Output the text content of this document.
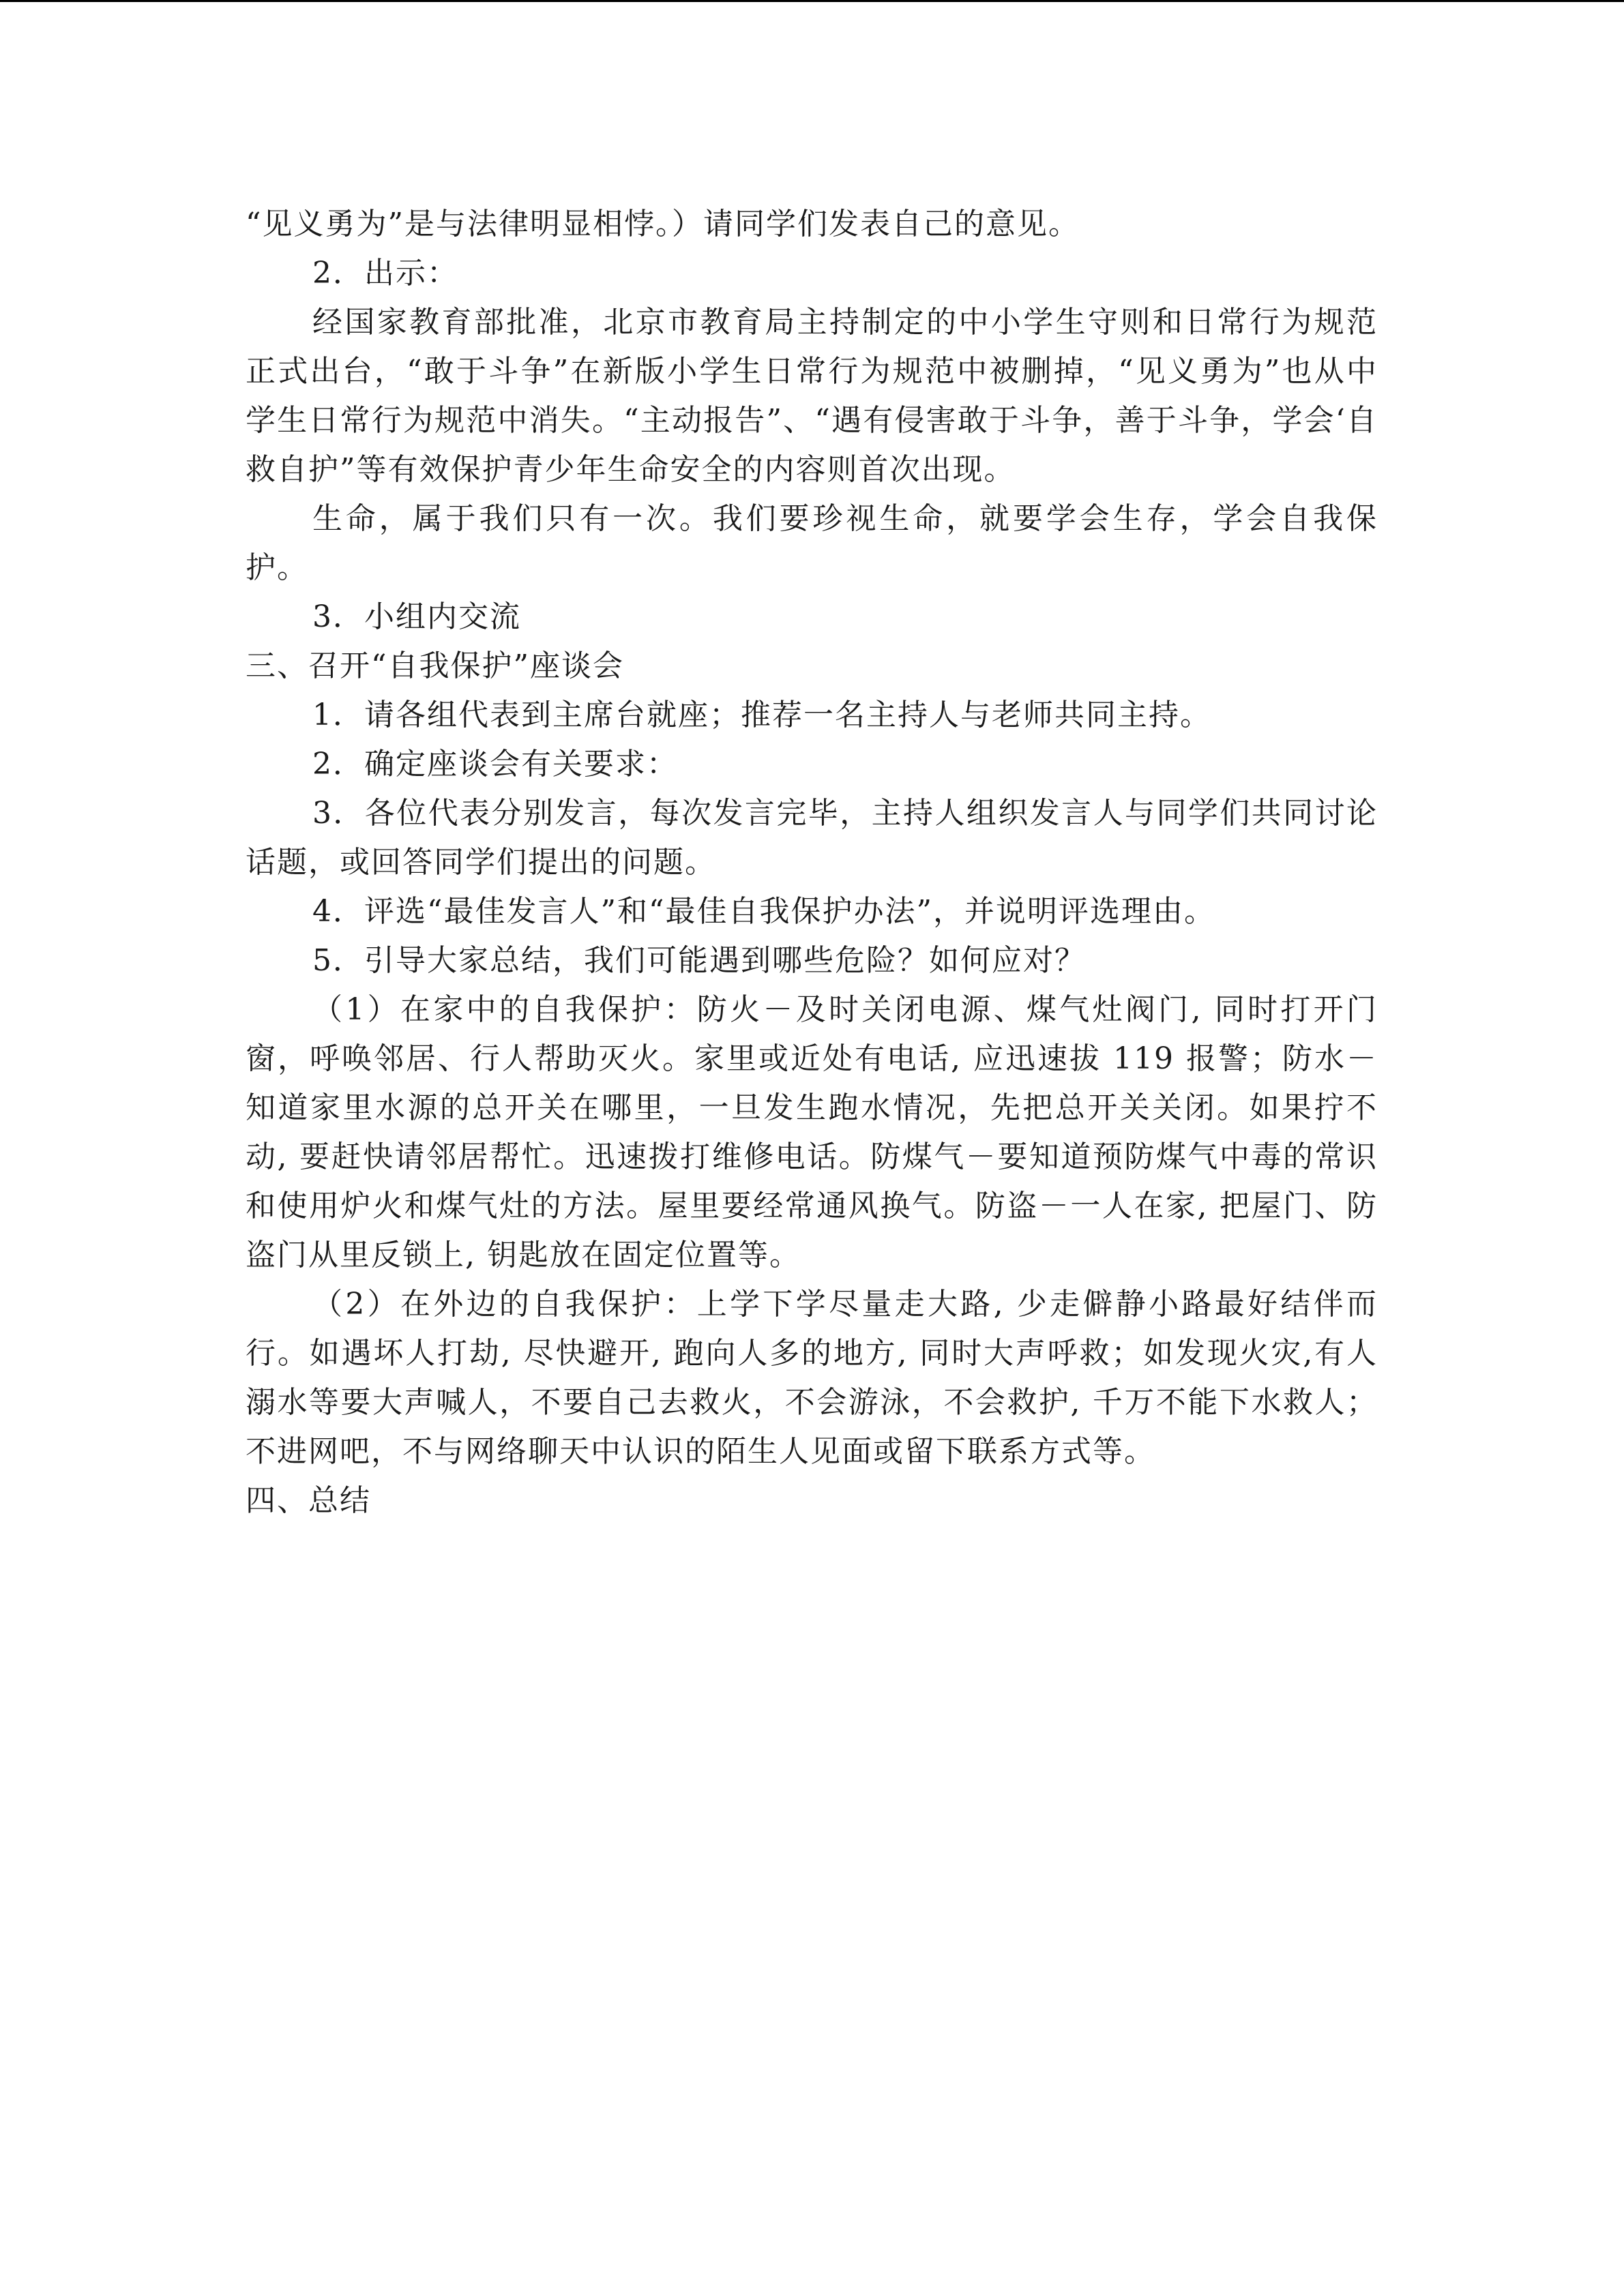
“见义勇为”是与法律明显相悖。）请同学们发表自己的意见。

2．出示：

经国家教育部批准，北京市教育局主持制定的中小学生守则和日常行为规范正式出台，“敢于斗争”在新版小学生日常行为规范中被删掉，“见义勇为”也从中学生日常行为规范中消失。“主动报告”、“遇有侵害敢于斗争，善于斗争，学会‘自救自护”等有效保护青少年生命安全的内容则首次出现。

生命，属于我们只有一次。我们要珍视生命，就要学会生存，学会自我保护。

3．小组内交流

三、召开“自我保护”座谈会

1．请各组代表到主席台就座；推荐一名主持人与老师共同主持。

2．确定座谈会有关要求：

3．各位代表分别发言，每次发言完毕，主持人组织发言人与同学们共同讨论话题，或回答同学们提出的问题。

4．评选“最佳发言人”和“最佳自我保护办法”，并说明评选理由。

5．引导大家总结，我们可能遇到哪些危险？如何应对？

（1）在家中的自我保护：防火－及时关闭电源、煤气灶阀门, 同时打开门窗，呼唤邻居、行人帮助灭火。家里或近处有电话, 应迅速拔 119 报警；防水－知道家里水源的总开关在哪里，一旦发生跑水情况，先把总开关关闭。如果拧不动, 要赶快请邻居帮忙。迅速拨打维修电话。防煤气－要知道预防煤气中毒的常识和使用炉火和煤气灶的方法。屋里要经常通风换气。防盗－一人在家, 把屋门、防盗门从里反锁上, 钥匙放在固定位置等。

（2）在外边的自我保护：上学下学尽量走大路, 少走僻静小路最好结伴而行。如遇坏人打劫, 尽快避开, 跑向人多的地方, 同时大声呼救；如发现火灾,有人溺水等要大声喊人，不要自己去救火，不会游泳，不会救护, 千万不能下水救人；不进网吧，不与网络聊天中认识的陌生人见面或留下联系方式等。

四、总结
